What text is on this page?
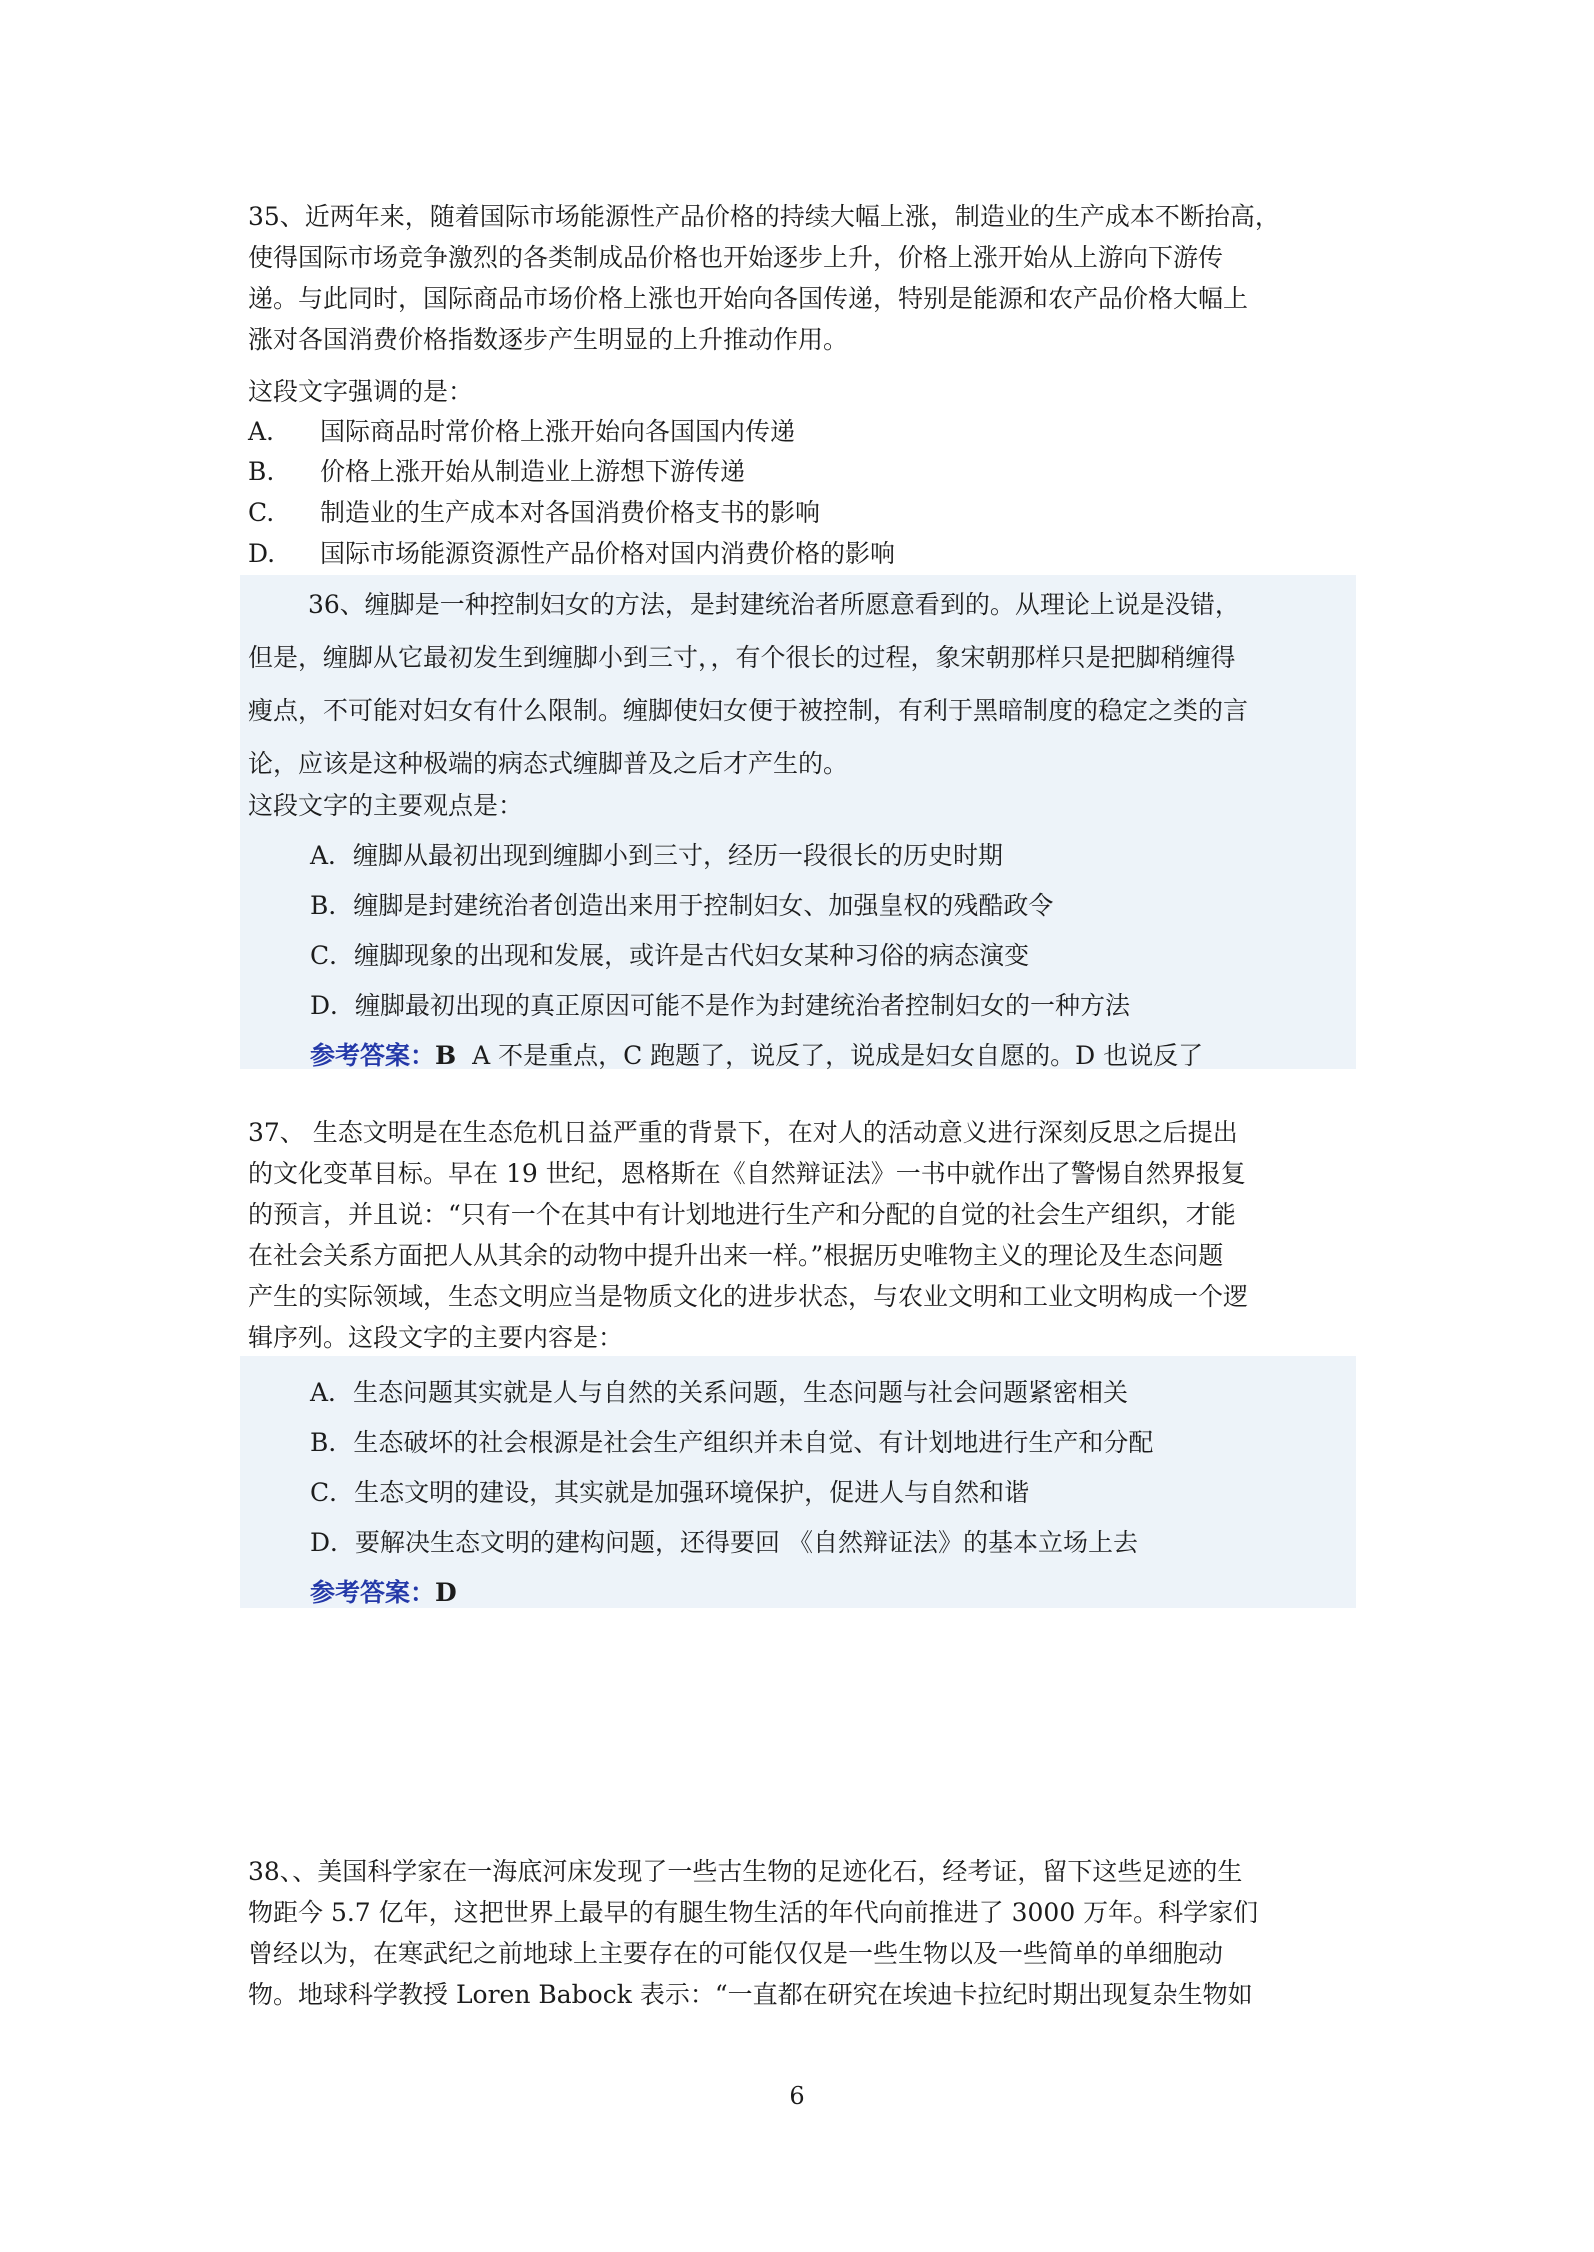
35、近两年来，随着国际市场能源性产品价格的持续大幅上涨，制造业的生产成本不断抬高，
使得国际市场竞争激烈的各类制成品价格也开始逐步上升，价格上涨开始从上游向下游传
递。与此同时，国际商品市场价格上涨也开始向各国传递，特别是能源和农产品价格大幅上
涨对各国消费价格指数逐步产生明显的上升推动作用。

这段文字强调的是：

A. 国际商品时常价格上涨开始向各国国内传递

B. 价格上涨开始从制造业上游想下游传递

C. 制造业的生产成本对各国消费价格支书的影响

D. 国际市场能源资源性产品价格对国内消费价格的影响

36、缠脚是一种控制妇女的方法，是封建统治者所愿意看到的。从理论上说是没错，
但是，缠脚从它最初发生到缠脚小到三寸，，有个很长的过程，象宋朝那样只是把脚稍缠得
瘦点，不可能对妇女有什么限制。缠脚使妇女便于被控制，有利于黑暗制度的稳定之类的言
论，应该是这种极端的病态式缠脚普及之后才产生的。

这段文字的主要观点是：

A．缠脚从最初出现到缠脚小到三寸，经历一段很长的历史时期

B．缠脚是封建统治者创造出来用于控制妇女、加强皇权的残酷政令

C．缠脚现象的出现和发展，或许是古代妇女某种习俗的病态演变

D．缠脚最初出现的真正原因可能不是作为封建统治者控制妇女的一种方法

参考答案：B A 不是重点，C 跑题了，说反了，说成是妇女自愿的。D 也说反了

37、 生态文明是在生态危机日益严重的背景下，在对人的活动意义进行深刻反思之后提出
的文化变革目标。早在 19 世纪，恩格斯在《自然辩证法》一书中就作出了警惕自然界报复
的预言，并且说：“只有一个在其中有计划地进行生产和分配的自觉的社会生产组织，才能
在社会关系方面把人从其余的动物中提升出来一样。”根据历史唯物主义的理论及生态问题
产生的实际领域，生态文明应当是物质文化的进步状态，与农业文明和工业文明构成一个逻
辑序列。这段文字的主要内容是：

A．生态问题其实就是人与自然的关系问题，生态问题与社会问题紧密相关

B．生态破坏的社会根源是社会生产组织并未自觉、有计划地进行生产和分配

C．生态文明的建设，其实就是加强环境保护，促进人与自然和谐

D．要解决生态文明的建构问题，还得要回 《自然辩证法》的基本立场上去

参考答案：D

38、、美国科学家在一海底河床发现了一些古生物的足迹化石，经考证，留下这些足迹的生
物距今 5.7 亿年，这把世界上最早的有腿生物生活的年代向前推进了 3000 万年。科学家们
曾经以为，在寒武纪之前地球上主要存在的可能仅仅是一些生物以及一些简单的单细胞动
物。地球科学教授 Loren Babock 表示：“一直都在研究在埃迪卡拉纪时期出现复杂生物如
6
